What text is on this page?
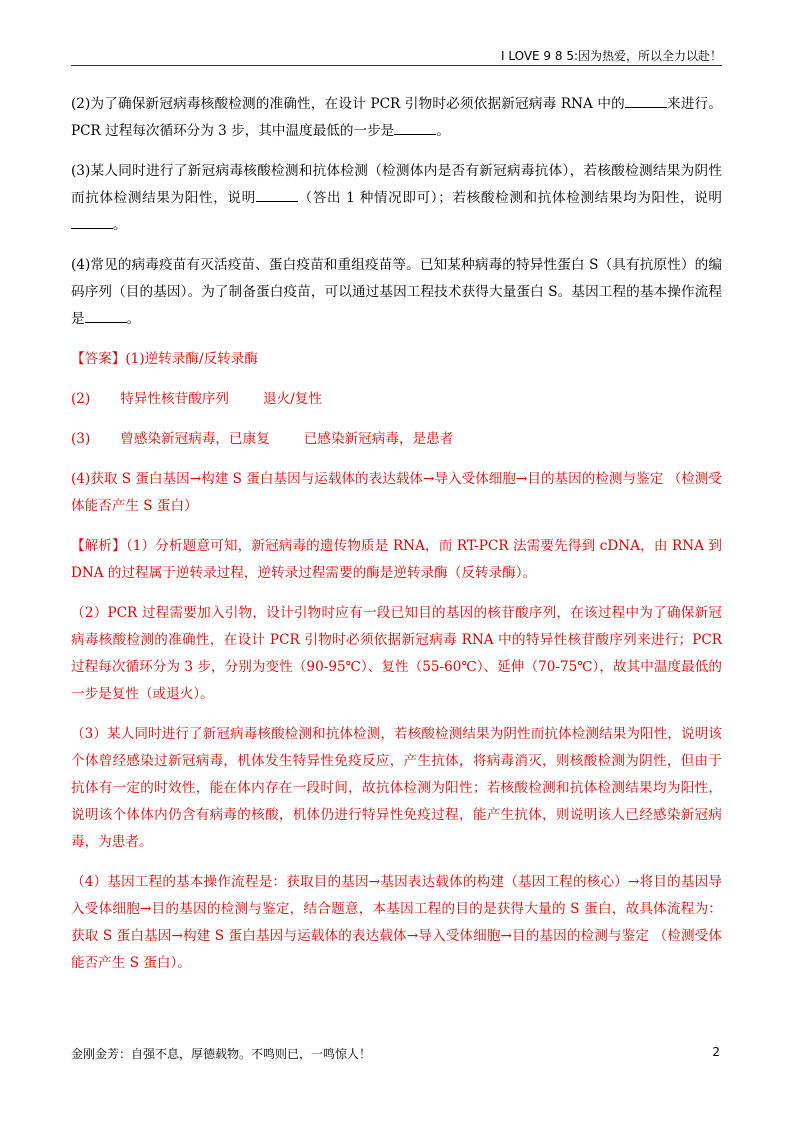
I LOVE 9 8 5:因为热爱，所以全力以赴！

(2)为了确保新冠病毒核酸检测的准确性，在设计 PCR 引物时必须依据新冠病毒 RNA 中的	来进行。PCR 过程每次循环分为 3 步，其中温度最低的一步是	。

(3)某人同时进行了新冠病毒核酸检测和抗体检测（检测体内是否有新冠病毒抗体），若核酸检测结果为阴性而抗体检测结果为阳性，说明	（答出 1 种情况即可）；若核酸检测和抗体检测结果均为阳性，说明。

(4)常见的病毒疫苗有灭活疫苗、蛋白疫苗和重组疫苗等。已知某种病毒的特异性蛋白 S（具有抗原性）的编码序列（目的基因）。为了制备蛋白疫苗，可以通过基因工程技术获得大量蛋白 S。基因工程的基本操作流程是	。

【答案】(1)逆转录酶/反转录酶

(2) 特异性核苷酸序列	退火/复性

(3) 曾感染新冠病毒，已康复	已感染新冠病毒，是患者

(4)获取 S 蛋白基因→构建 S 蛋白基因与运载体的表达载体→导入受体细胞→目的基因的检测与鉴定 （检测受体能否产生 S 蛋白）

【解析】（1）分析题意可知，新冠病毒的遗传物质是 RNA，而 RT-PCR 法需要先得到 cDNA，由 RNA 到 DNA 的过程属于逆转录过程，逆转录过程需要的酶是逆转录酶（反转录酶）。

（2）PCR 过程需要加入引物，设计引物时应有一段已知目的基因的核苷酸序列，在该过程中为了确保新冠病毒核酸检测的准确性，在设计 PCR 引物时必须依据新冠病毒 RNA 中的特异性核苷酸序列来进行；PCR 过程每次循环分为 3 步，分别为变性（90-95℃）、复性（55-60℃）、延伸（70-75℃），故其中温度最低的一步是复性（或退火）。

（3）某人同时进行了新冠病毒核酸检测和抗体检测，若核酸检测结果为阴性而抗体检测结果为阳性，说明该个体曾经感染过新冠病毒，机体发生特异性免疫反应，产生抗体，将病毒消灭，则核酸检测为阴性，但由于抗体有一定的时效性，能在体内存在一段时间，故抗体检测为阳性；若核酸检测和抗体检测结果均为阳性，说明该个体体内仍含有病毒的核酸，机体仍进行特异性免疫过程，能产生抗体，则说明该人已经感染新冠病毒，为患者。

（4）基因工程的基本操作流程是：获取目的基因→基因表达载体的构建（基因工程的核心）→将目的基因导入受体细胞→目的基因的检测与鉴定，结合题意，本基因工程的目的是获得大量的 S 蛋白，故具体流程为：获取 S 蛋白基因→构建 S 蛋白基因与运载体的表达载体→导入受体细胞→目的基因的检测与鉴定 （检测受体能否产生 S 蛋白）。

金刚金芳：自强不息，厚德载物。不鸣则已，一鸣惊人！	2
